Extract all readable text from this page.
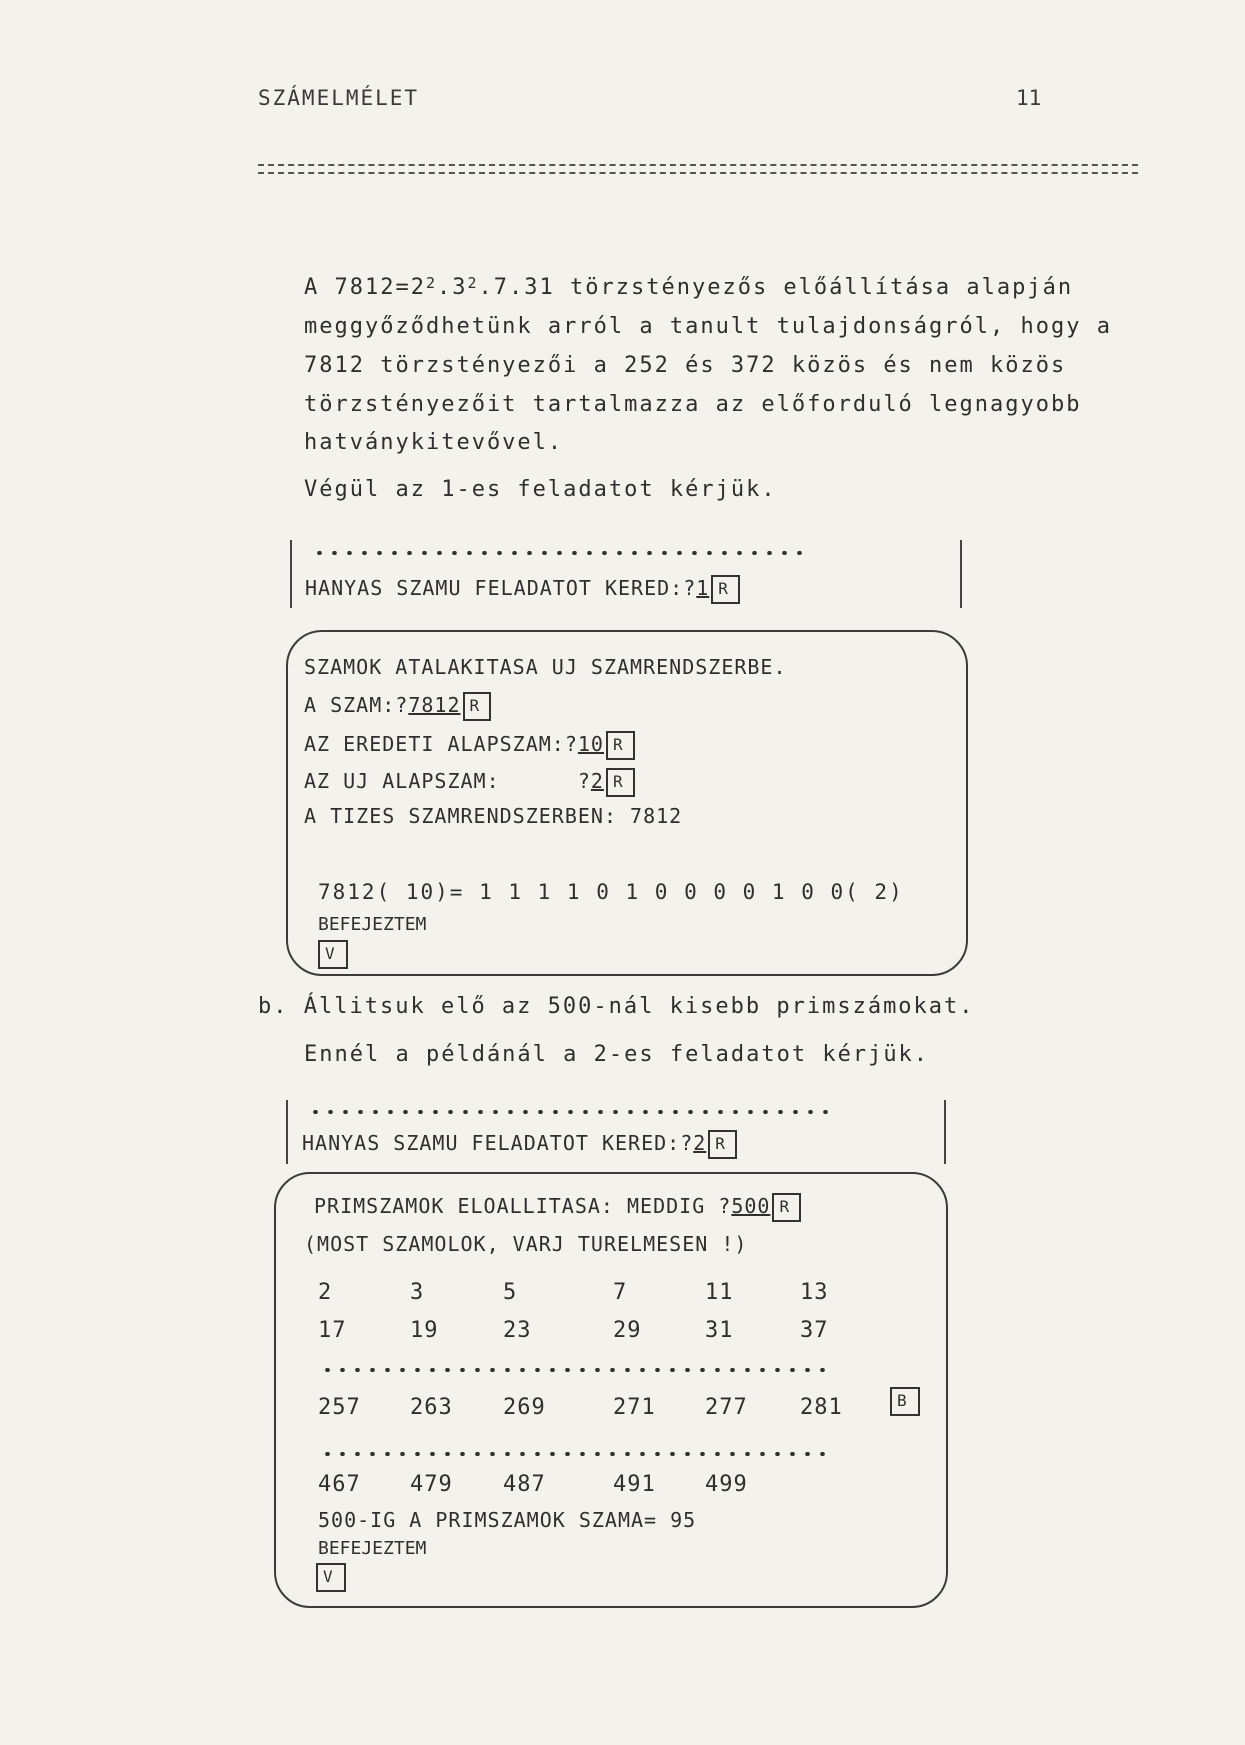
SZÁMELMÉLET	11
A $7812=2^2.3^2.7.31$ törzstényezős előállítása alapján
meggyőződhetünk arról a tanult tulajdonságról, hogy a
7812 törzstényezői a 252 és 372 közös és nem közös
törzstényezőit tartalmazza az előforduló legnagyobb
hatványkitevővel.
Végül az 1-es feladatot kérjük.
HANYAS SZAMU FELADATOT KERED:?1 R
SZAMOK ATALAKITASA UJ SZAMRENDSZERBE.
A SZAM:?7812 R
AZ EREDETI ALAPSZAM:?10 R
AZ UJ ALAPSZAM:      ?2 R
A TIZES SZAMRENDSZERBEN: 7812
7812( 10)= 1 1 1 1 0 1 0 0 0 0 1 0 0( 2)
BEFEJEZTEM
V
b. Állitsuk elő az 500-nál kisebb primszámokat.
Ennél a példánál a 2-es feladatot kérjük.
HANYAS SZAMU FELADATOT KERED:?2 R
PRIMSZAMOK ELOALLITASA: MEDDIG ?500 R
(MOST SZAMOLOK, VARJ TURELMESEN !)
2	3	5	7	11	13
17	19	23	29	31	37
257 263 269	271 277 281
467 479 487	491 499
B
500-IG A PRIMSZAMOK SZAMA= 95
BEFEJEZTEM
V
